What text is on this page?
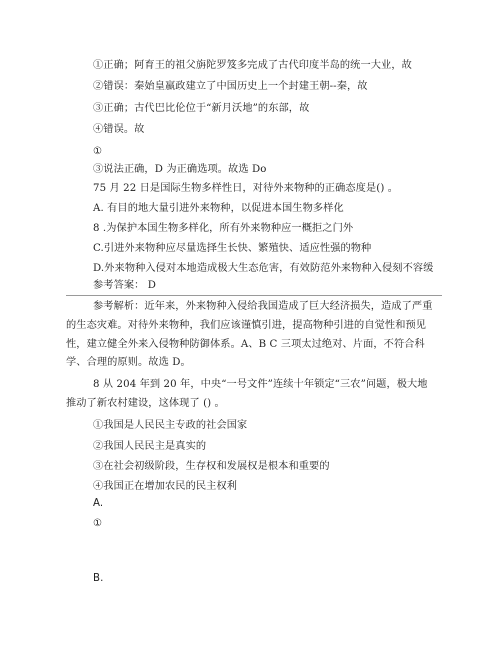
①正确；阿育王的祖父旃陀罗笈多完成了古代印度半岛的统一大业，故
②错误：秦始皇嬴政建立了中国历史上一个封建王朝--秦，故
③正确；古代巴比伦位于“新月沃地”的东部，故
④错误。故
①
③说法正确，D 为正确选项。故选 Do
75 月 22 日是国际生物多样性日，对待外来物种的正确态度是() 。
A. 有目的地大量引进外来物种，以促进本国生物多样化
8 .为保护本国生物多样化，所有外来物种应一概拒之门外
C.引进外来物种应尽量选择生长快、繁殖快、适应性强的物种
D.外来物种入侵对本地造成极大生态危害，有效防范外来物种入侵刻不容缓
参考答案： D
参考解析：近年来，外来物种入侵给我国造成了巨大经济损失，造成了严重
的生态灾难。对待外来物种，我们应该谨慎引进，提高物种引进的自觉性和预见
性，建立健全外来入侵物种防御体系。A、B C 三项太过绝对、片面，不符合科
学、合理的原则。故选 D。
8 从 204 年到 20 年，中央“一号文件”连续十年锁定“三农”问题，极大地
推动了新农村建设，这体现了 () 。
①我国是人民民主专政的社会国家
②我国人民民主是真实的
③在社会初级阶段，生存权和发展权是根本和重要的
④我国正在增加农民的民主权利
A.
①
B.
